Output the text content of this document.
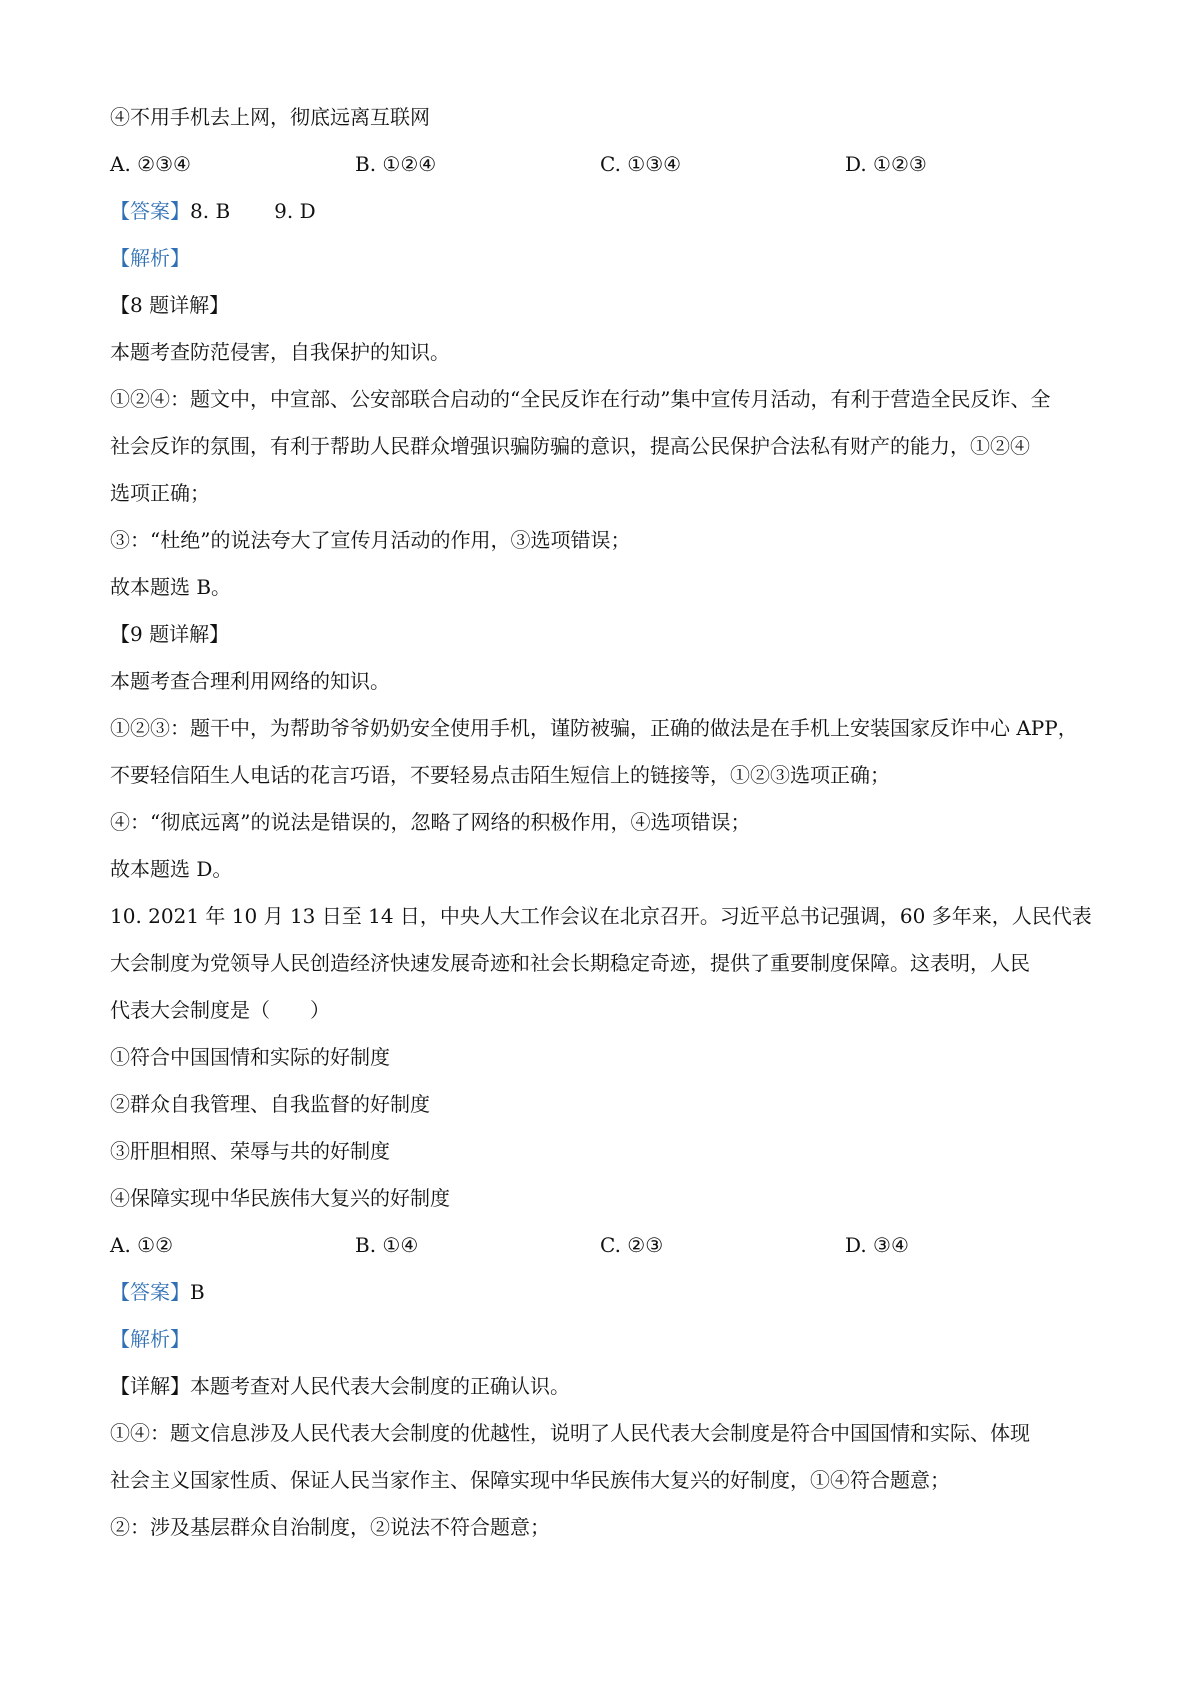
④不用手机去上网，彻底远离互联网
A. ②③④	B. ①②④	C. ①③④	D. ①②③
【答案】8. B 9. D
【解析】
【8 题详解】
本题考查防范侵害，自我保护的知识。
①②④：题文中，中宣部、公安部联合启动的“全民反诈在行动”集中宣传月活动，有利于营造全民反诈、全
社会反诈的氛围，有利于帮助人民群众增强识骗防骗的意识，提高公民保护合法私有财产的能力，①②④
选项正确；
③：“杜绝”的说法夸大了宣传月活动的作用，③选项错误；
故本题选 B。
【9 题详解】
本题考查合理利用网络的知识。
①②③：题干中，为帮助爷爷奶奶安全使用手机，谨防被骗，正确的做法是在手机上安装国家反诈中心 APP，
不要轻信陌生人电话的花言巧语，不要轻易点击陌生短信上的链接等，①②③选项正确；
④：“彻底远离”的说法是错误的，忽略了网络的积极作用，④选项错误；
故本题选 D。
10. 2021 年 10 月 13 日至 14 日，中央人大工作会议在北京召开。习近平总书记强调，60 多年来，人民代表
大会制度为党领导人民创造经济快速发展奇迹和社会长期稳定奇迹，提供了重要制度保障。这表明，人民
代表大会制度是（　　）
①符合中国国情和实际的好制度
②群众自我管理、自我监督的好制度
③肝胆相照、荣辱与共的好制度
④保障实现中华民族伟大复兴的好制度
A. ①②	B. ①④	C. ②③	D. ③④
【答案】B
【解析】
【详解】本题考查对人民代表大会制度的正确认识。
①④：题文信息涉及人民代表大会制度的优越性，说明了人民代表大会制度是符合中国国情和实际、体现
社会主义国家性质、保证人民当家作主、保障实现中华民族伟大复兴的好制度，①④符合题意；
②：涉及基层群众自治制度，②说法不符合题意；
